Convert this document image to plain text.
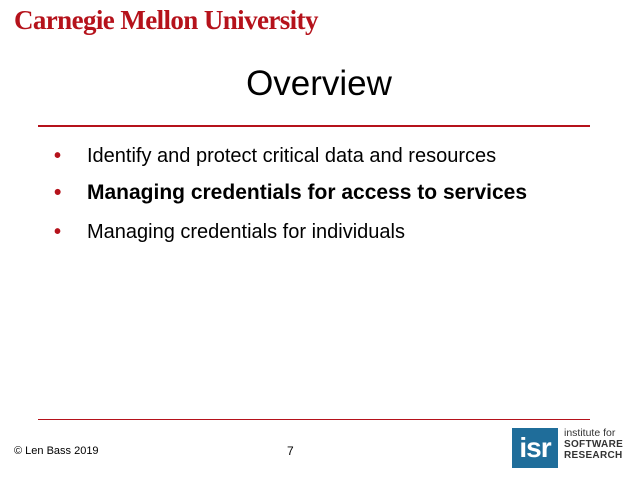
Carnegie Mellon University
Overview
•	Identify and protect critical data and resources
•	Managing credentials for access to services
•	Managing credentials for individuals
© Len Bass 2019	7	isr	institute for
SOFTWARE
RESEARCH
